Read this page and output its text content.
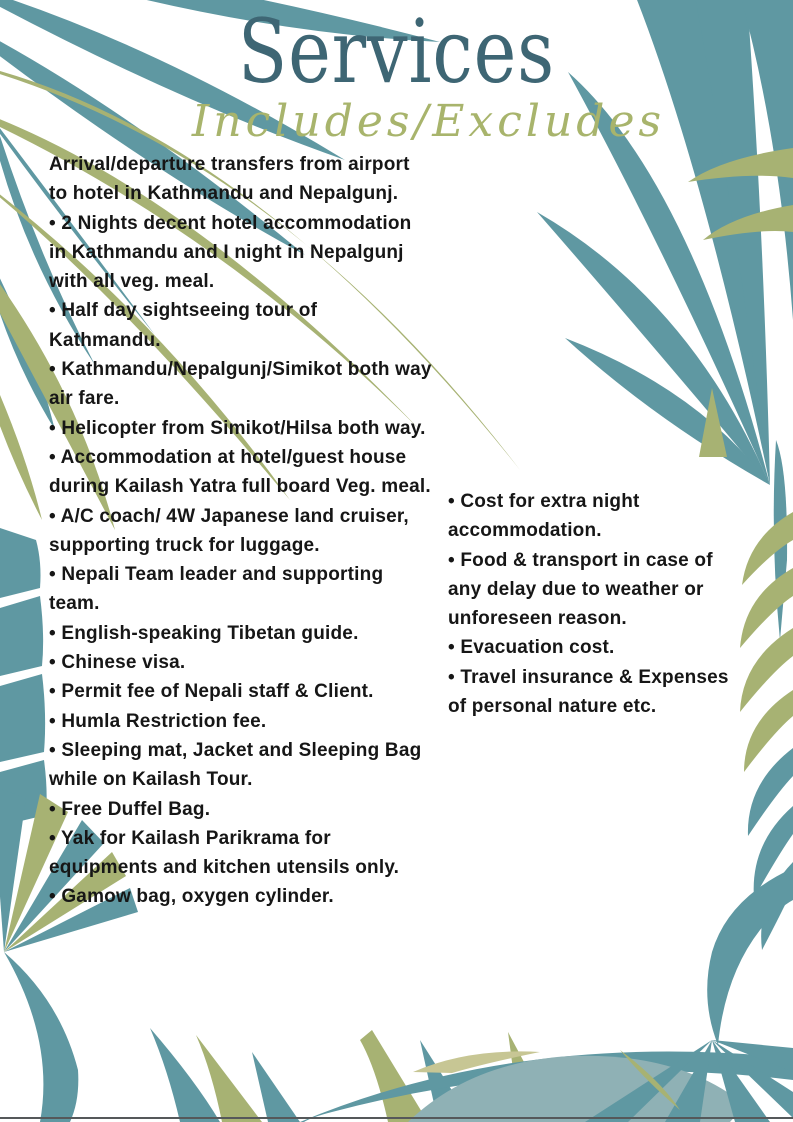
Services
Includes/Excludes

Arrival/departure transfers from airport to hotel in Kathmandu and Nepalgunj.

• 2 Nights decent hotel accommodation in Kathmandu and I night in Nepalgunj with all veg. meal.

• Half day sightseeing tour of Kathmandu.

• Kathmandu/Nepalgunj/Simikot both way air fare.

• Helicopter from Simikot/Hilsa both way.

• Accommodation at hotel/guest house during Kailash Yatra full board Veg. meal.

• A/C coach/ 4W Japanese land cruiser, supporting truck for luggage.

• Nepali Team leader and supporting team.

• English-speaking Tibetan guide.

• Chinese visa.

• Permit fee of Nepali staff & Client.

• Humla Restriction fee.

• Sleeping mat, Jacket and Sleeping Bag while on Kailash Tour.

• Free Duffel Bag.

• Yak for Kailash Parikrama for equipments and kitchen utensils only.

• Gamow bag, oxygen cylinder.

• Cost for extra night accommodation.

• Food & transport in case of any delay due to weather or unforeseen reason.

• Evacuation cost.

• Travel insurance & Expenses of personal nature etc.
